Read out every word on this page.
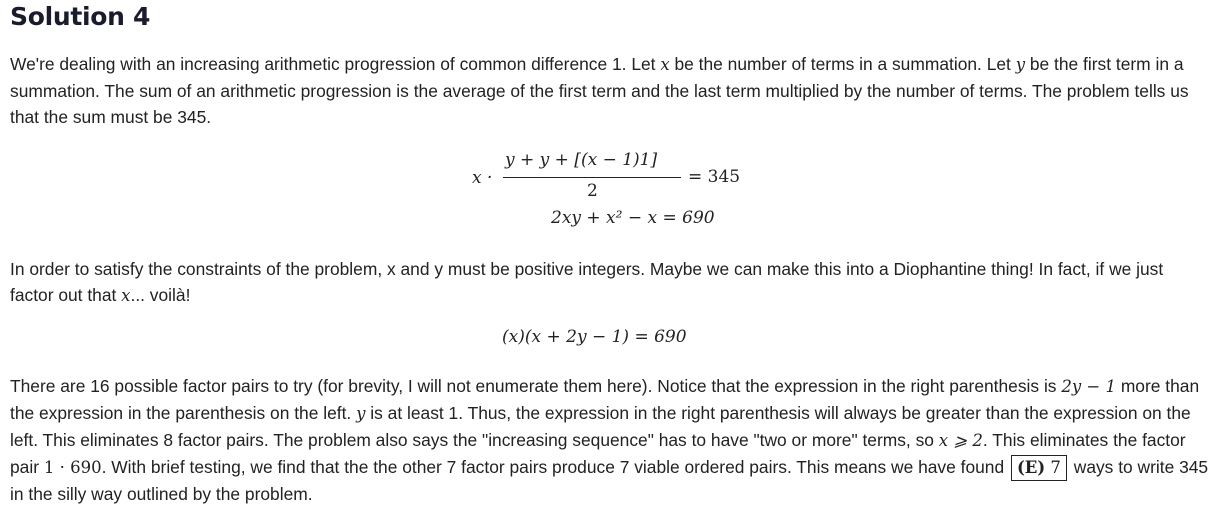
Solution 4
We're dealing with an increasing arithmetic progression of common difference 1. Let x be the number of terms in a summation. Let y be the first term in a summation. The sum of an arithmetic progression is the average of the first term and the last term multiplied by the number of terms. The problem tells us that the sum must be 345.
x ·
y + y + [(x − 1)1]
2
= 345
2xy + x² − x = 690
In order to satisfy the constraints of the problem, x and y must be positive integers. Maybe we can make this into a Diophantine thing! In fact, if we just factor out that x... voilà!
(x)(x + 2y − 1) = 690
There are 16 possible factor pairs to try (for brevity, I will not enumerate them here). Notice that the expression in the right parenthesis is 2y − 1 more than the expression in the parenthesis on the left. y is at least 1. Thus, the expression in the right parenthesis will always be greater than the expression on the left. This eliminates 8 factor pairs. The problem also says the "increasing sequence" has to have "two or more" terms, so x ⩾ 2. This eliminates the factor pair 1 · 690. With brief testing, we find that the the other 7 factor pairs produce 7 viable ordered pairs. This means we have found (E) 7 ways to write 345 in the silly way outlined by the problem.
